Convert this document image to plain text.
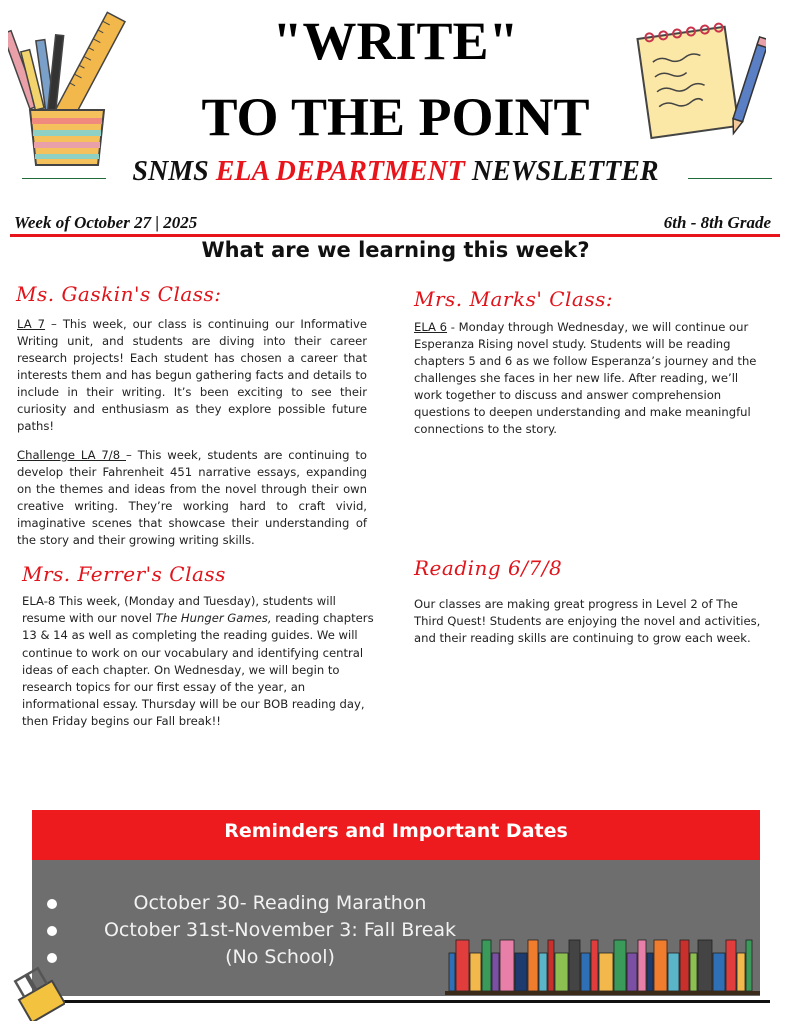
"WRITE"
TO THE POINT
SNMS ELA DEPARTMENT NEWSLETTER
Week of October 27 | 2025	6th - 8th Grade
What are we learning this week?
Ms. Gaskin's Class:
LA 7 – This week, our class is continuing our Informative Writing unit, and students are diving into their career research projects! Each student has chosen a career that interests them and has begun gathering facts and details to include in their writing. It’s been exciting to see their curiosity and enthusiasm as they explore possible future paths!
Challenge LA 7/8 – This week, students are continuing to develop their Fahrenheit 451 narrative essays, expanding on the themes and ideas from the novel through their own creative writing. They’re working hard to craft vivid, imaginative scenes that showcase their understanding of the story and their growing writing skills.
Mrs. Marks' Class:
ELA 6 - Monday through Wednesday, we will continue our Esperanza Rising novel study. Students will be reading chapters 5 and 6 as we follow Esperanza’s journey and the challenges she faces in her new life. After reading, we’ll work together to discuss and answer comprehension questions to deepen understanding and make meaningful connections to the story.
Mrs. Ferrer's Class
ELA-8 This week, (Monday and Tuesday), students will resume with our novel The Hunger Games, reading chapters 13 & 14 as well as completing the reading guides. We will continue to work on our vocabulary and identifying central ideas of each chapter. On Wednesday, we will begin to research topics for our first essay of the year, an informational essay. Thursday will be our BOB reading day, then Friday begins our Fall break!!
Reading 6/7/8
Our classes are making great progress in Level 2 of The Third Quest! Students are enjoying the novel and activities, and their reading skills are continuing to grow each week.
Reminders and Important Dates
October 30- Reading Marathon
October 31st-November 3: Fall Break
(No School)
